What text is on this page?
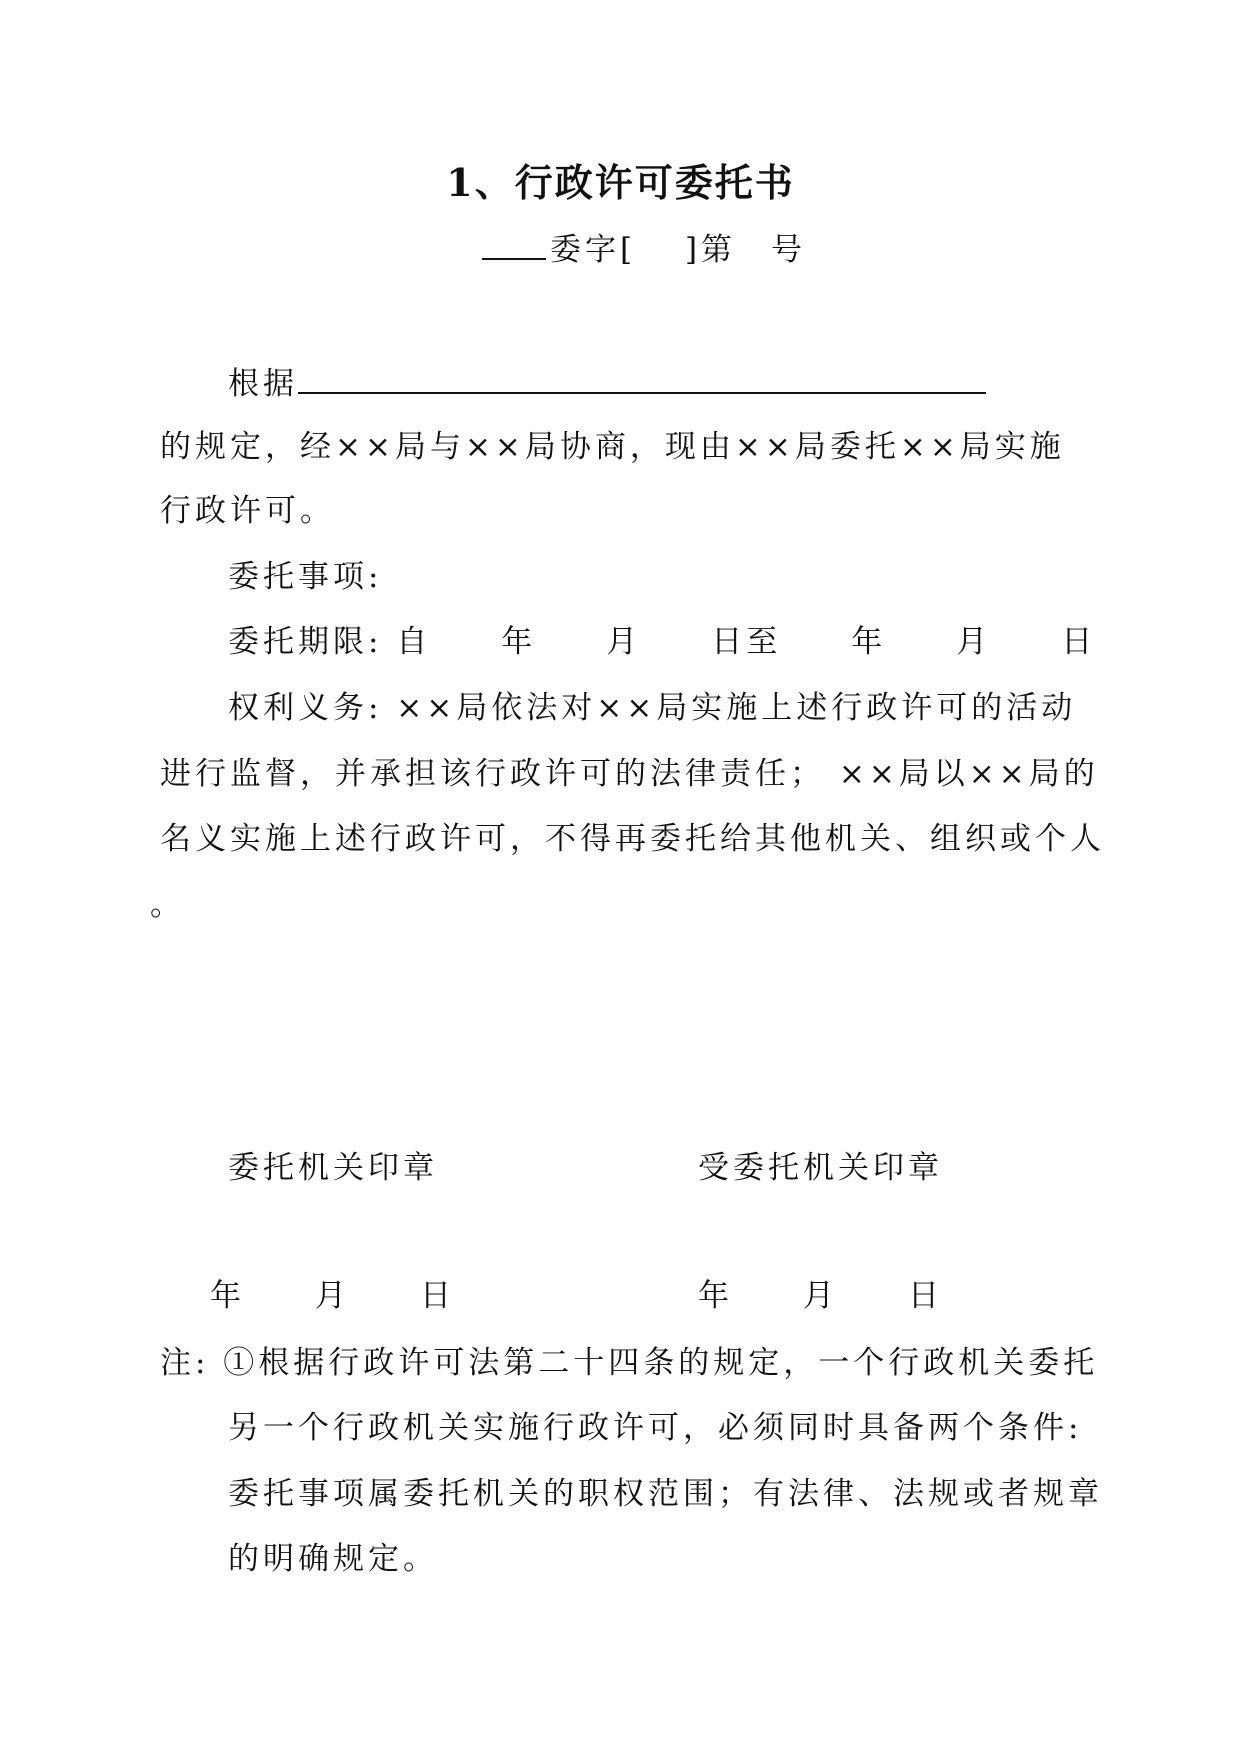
1、行政许可委托书
委字[　 ]第　号
根据
的规定，经××局与××局协商，现由××局委托××局实施
行政许可。
委托事项:
委托期限: 自　　年　　月　　日至　　年　　月　　日
权利义务: ××局依法对××局实施上述行政许可的活动
进行监督，并承担该行政许可的法律责任； ××局以××局的
名义实施上述行政许可，不得再委托给其他机关、组织或个人
。
委托机关印章	受委托机关印章
年　　月　　日	年　　月　　日
注: ①根据行政许可法第二十四条的规定，一个行政机关委托
另一个行政机关实施行政许可，必须同时具备两个条件:
委托事项属委托机关的职权范围；有法律、法规或者规章
的明确规定。
